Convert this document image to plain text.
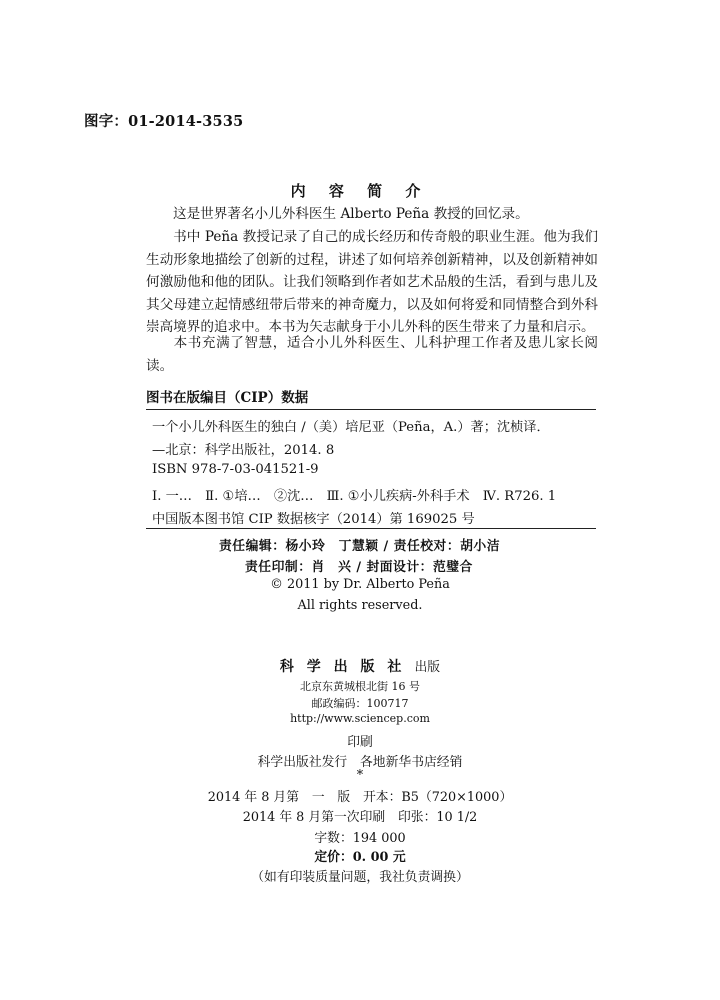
图字：01-2014-3535
内 容 简 介
这是世界著名小儿外科医生 Alberto Peña 教授的回忆录。
书中 Peña 教授记录了自己的成长经历和传奇般的职业生涯。他为我们生动形象地描绘了创新的过程，讲述了如何培养创新精神，以及创新精神如何激励他和他的团队。让我们领略到作者如艺术品般的生活，看到与患儿及其父母建立起情感纽带后带来的神奇魔力，以及如何将爱和同情整合到外科崇高境界的追求中。本书为矢志献身于小儿外科的医生带来了力量和启示。
本书充满了智慧，适合小儿外科医生、儿科护理工作者及患儿家长阅读。
图书在版编目（CIP）数据
一个小儿外科医生的独白 /（美）培尼亚（Peña，A.）著；沈桢译．
—北京：科学出版社，2014. 8
ISBN 978-7-03-041521-9
Ⅰ. 一…　Ⅱ. ①培…　②沈…　Ⅲ. ①小儿疾病-外科手术　Ⅳ. R726. 1
中国版本图书馆 CIP 数据核字（2014）第 169025 号
责任编辑：杨小玲　丁慧颖 / 责任校对：胡小洁
责任印制：肖　兴 / 封面设计：范璧合
© 2011 by Dr. Alberto Peña
All rights reserved.
科 学 出 版 社 出版
北京东黄城根北街 16 号
邮政编码：100717
http://www.sciencep.com
印刷
科学出版社发行　各地新华书店经销
*
2014 年 8 月第　一　版　开本：B5（720×1000）
2014 年 8 月第一次印刷　印张：10 1/2
字数：194 000
定价：0. 00 元
（如有印装质量问题，我社负责调换）
